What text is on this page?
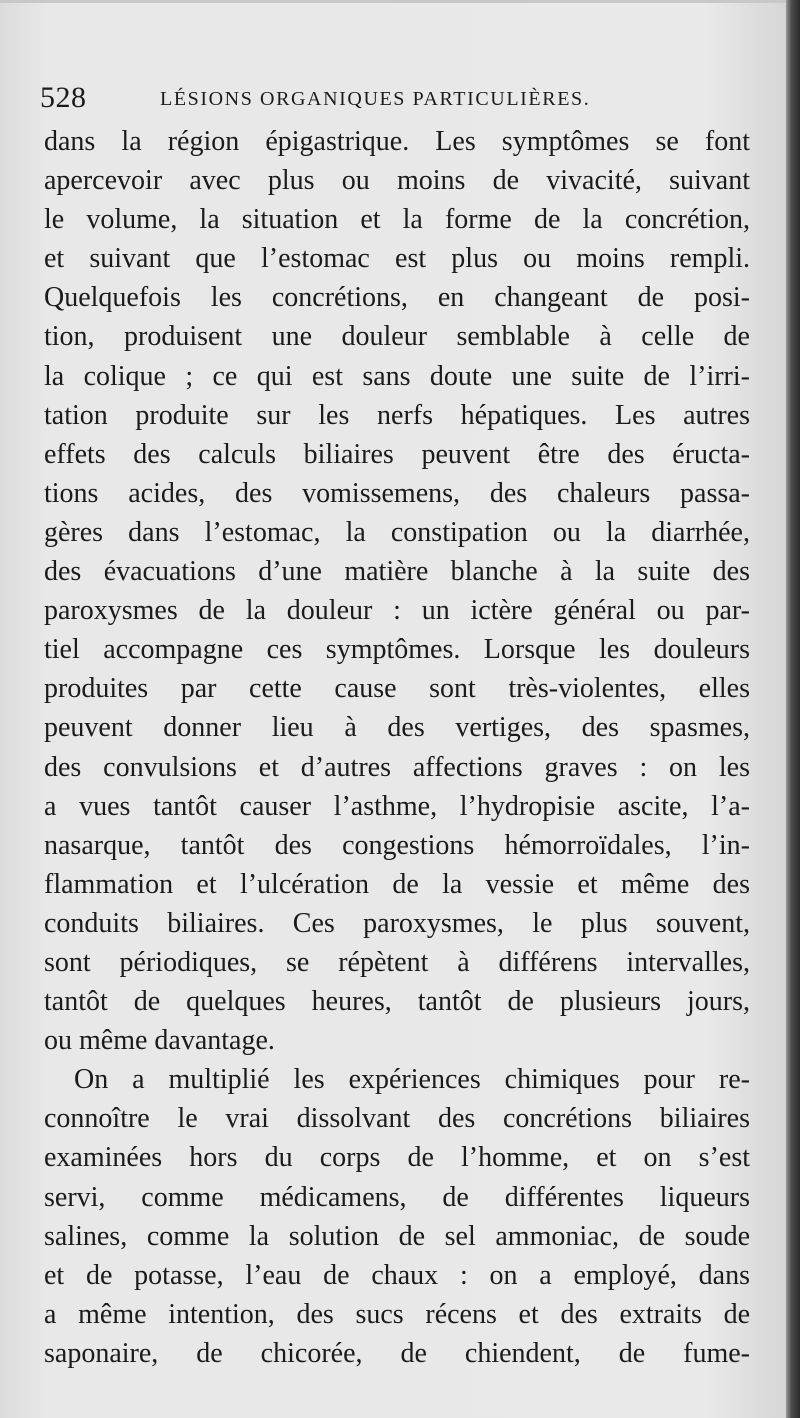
528	LÉSIONS ORGANIQUES PARTICULIÈRES.
dans la région épigastrique. Les symptômes se font
apercevoir avec plus ou moins de vivacité, suivant
le volume, la situation et la forme de la concrétion,
et suivant que l’estomac est plus ou moins rempli.
Quelquefois les concrétions, en changeant de posi-
tion, produisent une douleur semblable à celle de
la colique ; ce qui est sans doute une suite de l’irri-
tation produite sur les nerfs hépatiques. Les autres
effets des calculs biliaires peuvent être des éructa-
tions acides, des vomissemens, des chaleurs passa-
gères dans l’estomac, la constipation ou la diarrhée,
des évacuations d’une matière blanche à la suite des
paroxysmes de la douleur : un ictère général ou par-
tiel accompagne ces symptômes. Lorsque les douleurs
produites par cette cause sont très-violentes, elles
peuvent donner lieu à des vertiges, des spasmes,
des convulsions et d’autres affections graves : on les
a vues tantôt causer l’asthme, l’hydropisie ascite, l’a-
nasarque, tantôt des congestions hémorroïdales, l’in-
flammation et l’ulcération de la vessie et même des
conduits biliaires. Ces paroxysmes, le plus souvent,
sont périodiques, se répètent à différens intervalles,
tantôt de quelques heures, tantôt de plusieurs jours,
ou même davantage.
On a multiplié les expériences chimiques pour re-
connoître le vrai dissolvant des concrétions biliaires
examinées hors du corps de l’homme, et on s’est
servi, comme médicamens, de différentes liqueurs
salines, comme la solution de sel ammoniac, de soude
et de potasse, l’eau de chaux : on a employé, dans
a même intention, des sucs récens et des extraits de
saponaire, de chicorée, de chiendent, de fume-
